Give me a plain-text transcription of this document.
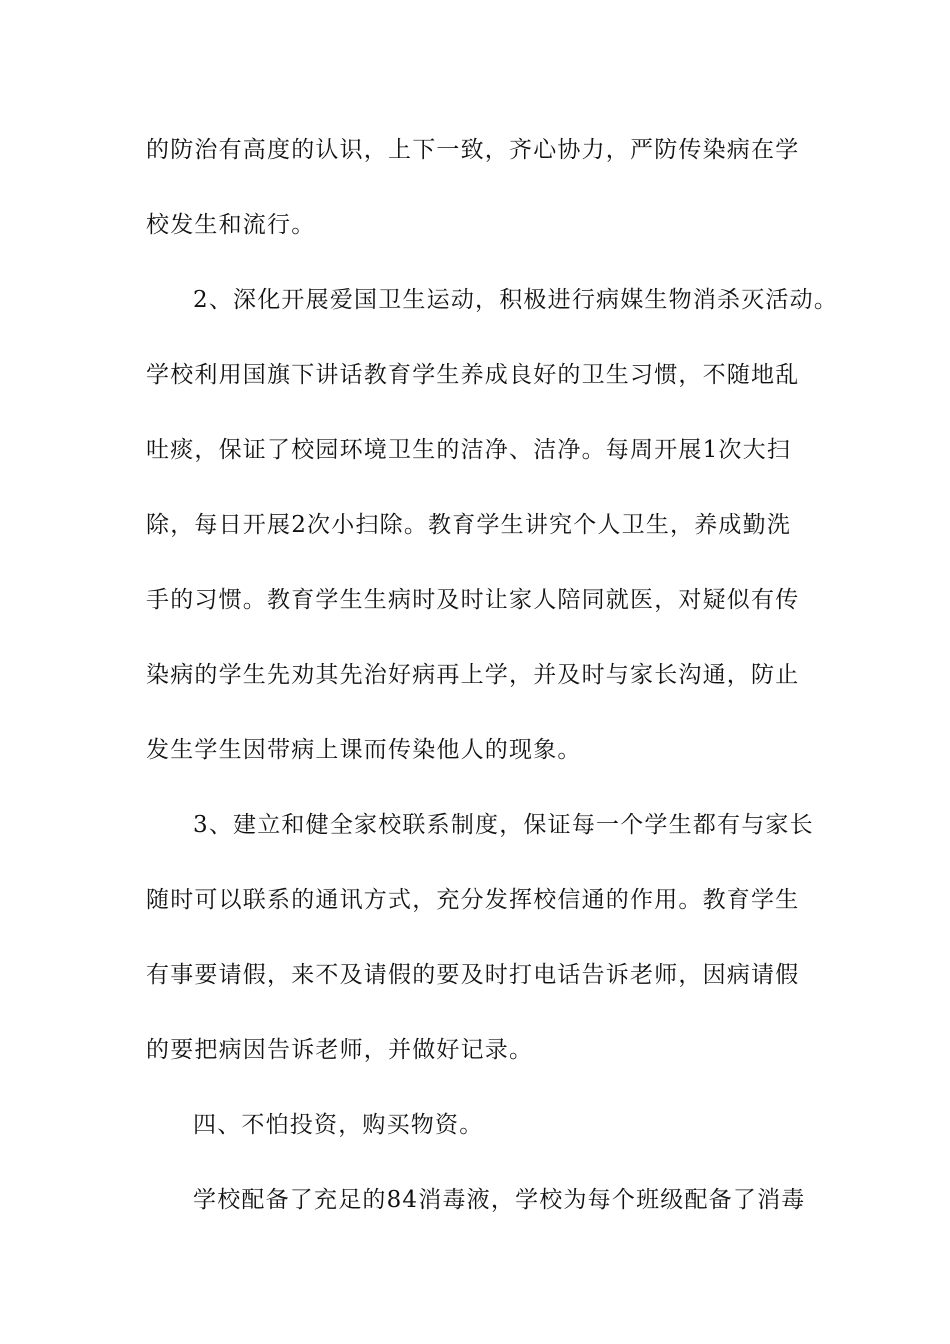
的防治有高度的认识，上下一致，齐心协力，严防传染病在学

校发生和流行。

2、深化开展爱国卫生运动，积极进行病媒生物消杀灭活动。

学校利用国旗下讲话教育学生养成良好的卫生习惯，不随地乱

吐痰，保证了校园环境卫生的洁净、洁净。每周开展1次大扫

除，每日开展2次小扫除。教育学生讲究个人卫生，养成勤洗

手的习惯。教育学生生病时及时让家人陪同就医，对疑似有传

染病的学生先劝其先治好病再上学，并及时与家长沟通，防止

发生学生因带病上课而传染他人的现象。

3、建立和健全家校联系制度，保证每一个学生都有与家长

随时可以联系的通讯方式，充分发挥校信通的作用。教育学生

有事要请假，来不及请假的要及时打电话告诉老师，因病请假

的要把病因告诉老师，并做好记录。

四、不怕投资，购买物资。

学校配备了充足的84消毒液，学校为每个班级配备了消毒
